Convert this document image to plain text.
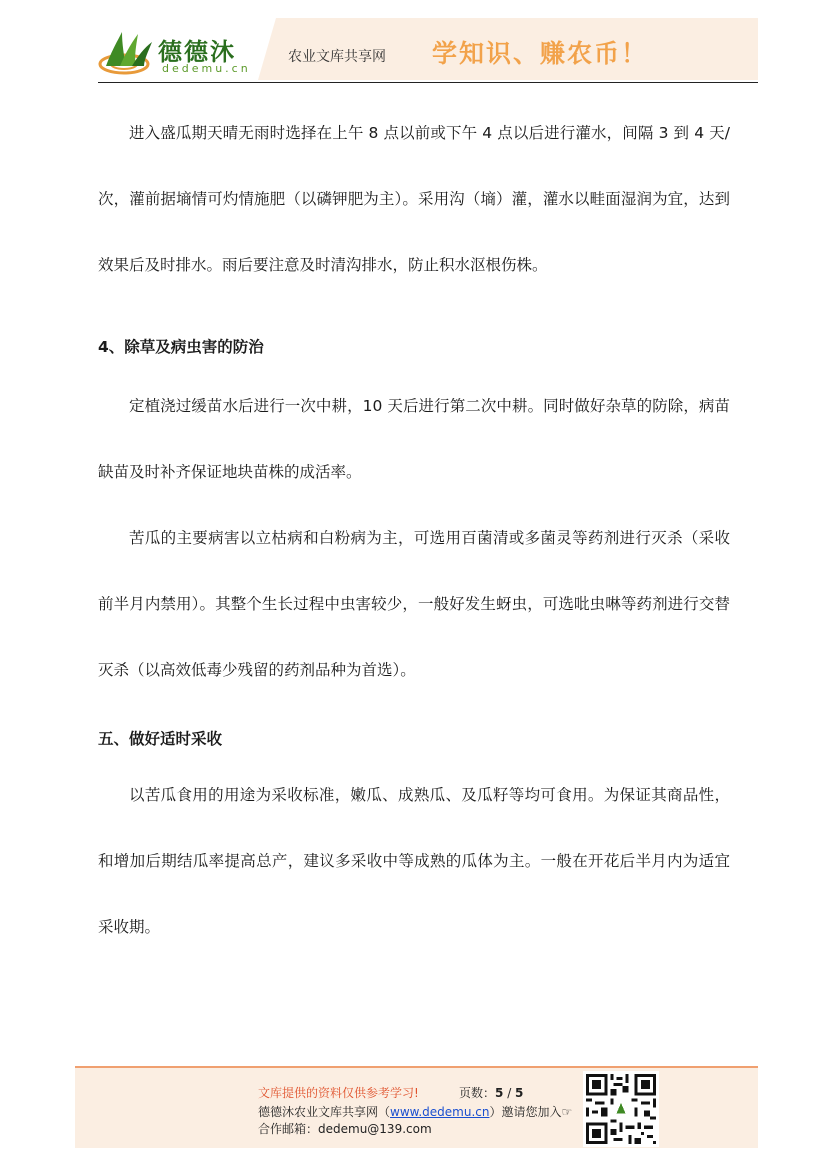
德德沐
dedemu.cn
农业文库共享网 学知识、赚农币！

进入盛瓜期天晴无雨时选择在上午 8 点以前或下午 4 点以后进行灌水，间隔 3 到 4 天/次，灌前据墒情可灼情施肥（以磷钾肥为主）。采用沟（墒）灌，灌水以畦面湿润为宜，达到效果后及时排水。雨后要注意及时清沟排水，防止积水沤根伤株。

4、除草及病虫害的防治

定植浇过缓苗水后进行一次中耕，10 天后进行第二次中耕。同时做好杂草的防除，病苗缺苗及时补齐保证地块苗株的成活率。

苦瓜的主要病害以立枯病和白粉病为主，可选用百菌清或多菌灵等药剂进行灭杀（采收前半月内禁用）。其整个生长过程中虫害较少，一般好发生蚜虫，可选吡虫啉等药剂进行交替灭杀（以高效低毒少残留的药剂品种为首选）。

五、做好适时采收

以苦瓜食用的用途为采收标准，嫩瓜、成熟瓜、及瓜籽等均可食用。为保证其商品性，和增加后期结瓜率提高总产，建议多采收中等成熟的瓜体为主。一般在开花后半月内为适宜采收期。

文库提供的资料仅供参考学习!	页数：5 / 5
德德沐农业文库共享网（www.dedemu.cn）邀请您加入☞
合作邮箱：dedemu@139.com
